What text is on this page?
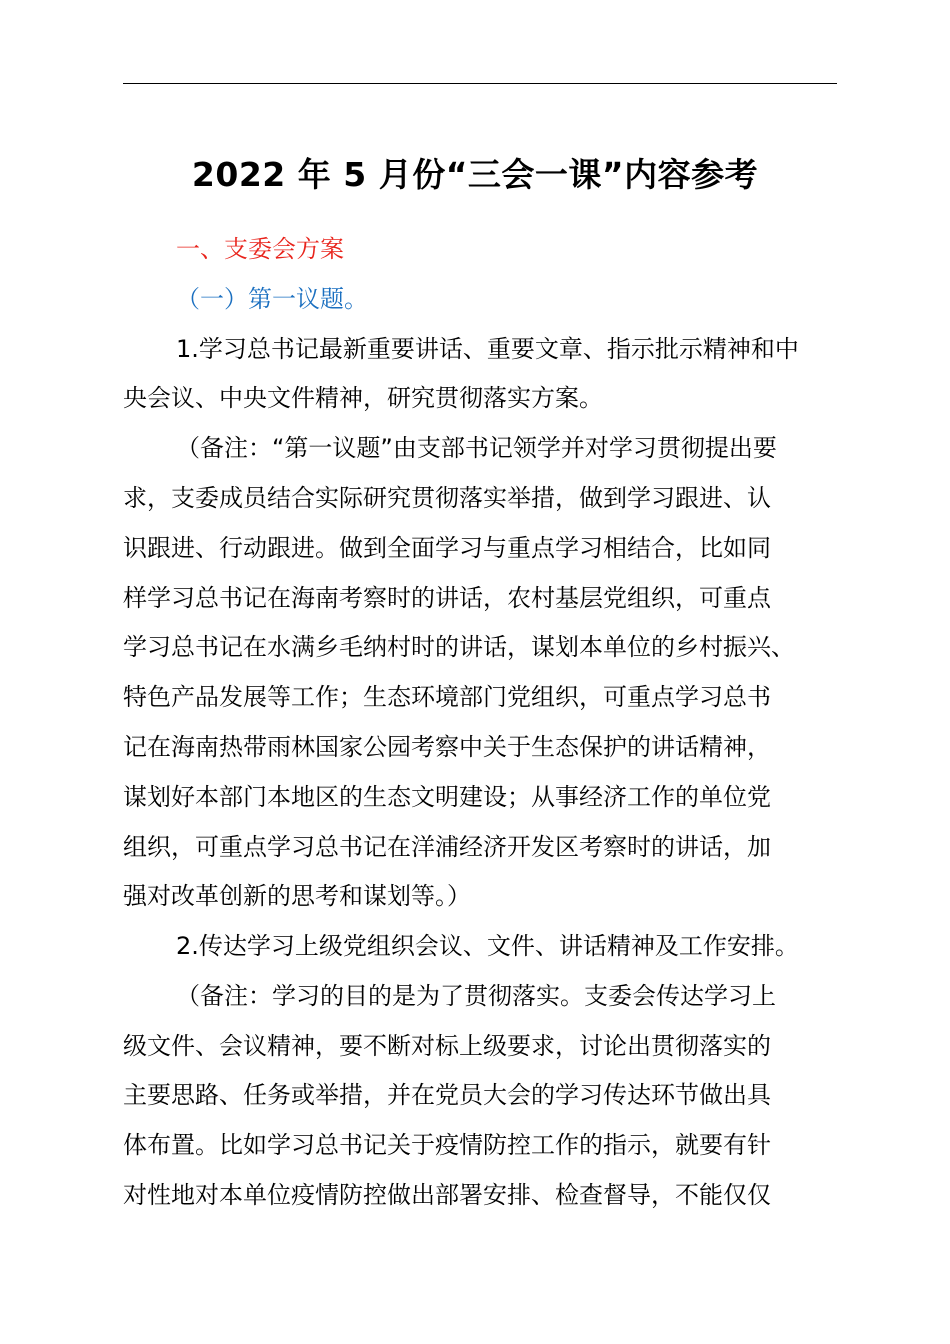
2022 年 5 月份“三会一课”内容参考
一、支委会方案
（一）第一议题。
1.学习总书记最新重要讲话、重要文章、指示批示精神和中
央会议、中央文件精神，研究贯彻落实方案。
（备注：“第一议题”由支部书记领学并对学习贯彻提出要
求，支委成员结合实际研究贯彻落实举措，做到学习跟进、认
识跟进、行动跟进。做到全面学习与重点学习相结合，比如同
样学习总书记在海南考察时的讲话，农村基层党组织，可重点
学习总书记在水满乡毛纳村时的讲话，谋划本单位的乡村振兴、
特色产品发展等工作；生态环境部门党组织，可重点学习总书
记在海南热带雨林国家公园考察中关于生态保护的讲话精神，
谋划好本部门本地区的生态文明建设；从事经济工作的单位党
组织，可重点学习总书记在洋浦经济开发区考察时的讲话，加
强对改革创新的思考和谋划等。）
2.传达学习上级党组织会议、文件、讲话精神及工作安排。
（备注：学习的目的是为了贯彻落实。支委会传达学习上
级文件、会议精神，要不断对标上级要求，讨论出贯彻落实的
主要思路、任务或举措，并在党员大会的学习传达环节做出具
体布置。比如学习总书记关于疫情防控工作的指示，就要有针
对性地对本单位疫情防控做出部署安排、检查督导，不能仅仅
